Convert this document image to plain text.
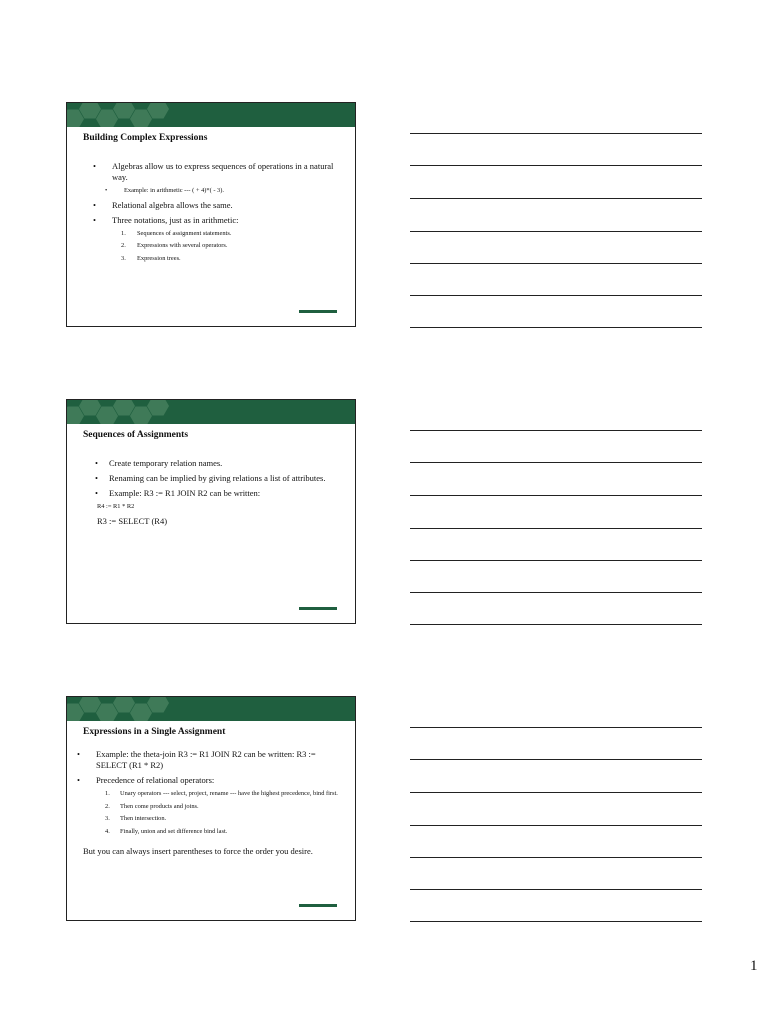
Building Complex Expressions
• Algebras allow us to express sequences of operations in a natural way.
•	Example: in arithmetic --- ( + 4)*( - 3).
• Relational algebra allows the same.
• Three notations, just as in arithmetic:
1. Sequences of assignment statements.
2. Expressions with several operators.
3. Expression trees.
Sequences of Assignments
• Create temporary relation names.
• Renaming can be implied by giving relations a list of attributes.
• Example: R3 := R1 JOIN R2 can be written:
R4 := R1 * R2
R3 := SELECT (R4)
Expressions in a Single Assignment
• Example: the theta-join R3 := R1 JOIN R2 can be written: R3 := SELECT (R1 * R2)
• Precedence of relational operators:
1. Unary operators --- select, project, rename --- have the highest precedence, bind first.
2. Then come products and joins.
3. Then intersection.
4. Finally, union and set difference bind last.
But you can always insert parentheses to force the order you desire.
1
